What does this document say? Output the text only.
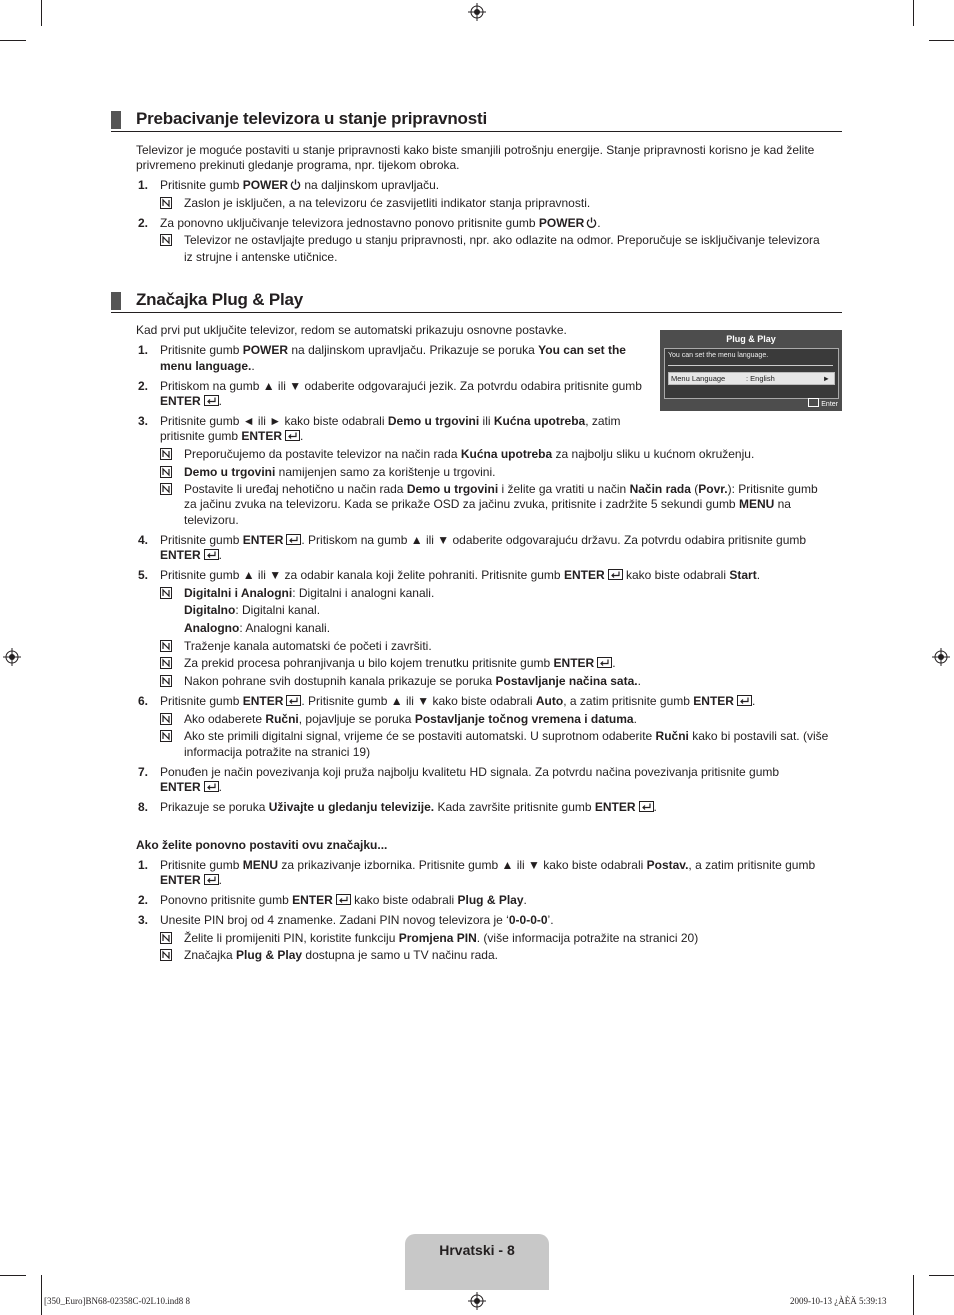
Prebacivanje televizora u stanje pripravnosti
Televizor je moguće postaviti u stanje pripravnosti kako biste smanjili potrošnju energije. Stanje pripravnosti korisno je kad želite
privremeno prekinuti gledanje programa, npr. tijekom obroka.
1. Pritisnite gumb POWER na daljinskom upravljaču.
Zaslon je isključen, a na televizoru će zasvijetliti indikator stanja pripravnosti.
2. Za ponovno uključivanje televizora jednostavno ponovo pritisnite gumb POWER .
Televizor ne ostavljajte predugo u stanju pripravnosti, npr. ako odlazite na odmor. Preporučuje se isključivanje televizora
iz strujne i antenske utičnice.
Značajka Plug & Play
Kad prvi put uključite televizor, redom se automatski prikazuju osnovne postavke.
Plug & Play
You can set the menu language.
Menu Language	: English	►
Enter
1. Pritisnite gumb POWER na daljinskom upravljaču. Prikazuje se poruka You can set the
menu language..
2. Pritiskom na gumb ▲ ili ▼ odaberite odgovarajući jezik. Za potvrdu odabira pritisnite gumb
ENTER .
3. Pritisnite gumb ◄ ili ► kako biste odabrali Demo u trgovini ili Kućna upotreba, zatim
pritisnite gumb ENTER .
Preporučujemo da postavite televizor na način rada Kućna upotreba za najbolju sliku u kućnom okruženju.
Demo u trgovini namijenjen samo za korištenje u trgovini.
Postavite li uređaj nehotično u način rada Demo u trgovini i želite ga vratiti u način Način rada (Povr.): Pritisnite gumb
za jačinu zvuka na televizoru. Kada se prikaže OSD za jačinu zvuka, pritisnite i zadržite 5 sekundi gumb MENU na
televizoru.
4. Pritisnite gumb ENTER . Pritiskom na gumb ▲ ili ▼ odaberite odgovarajuću državu. Za potvrdu odabira pritisnite gumb
ENTER .
5. Pritisnite gumb ▲ ili ▼ za odabir kanala koji želite pohraniti. Pritisnite gumb ENTER kako biste odabrali Start.
Digitalni i Analogni: Digitalni i analogni kanali.
Digitalno: Digitalni kanal.
Analogno: Analogni kanali.
Traženje kanala automatski će početi i završiti.
Za prekid procesa pohranjivanja u bilo kojem trenutku pritisnite gumb ENTER .
Nakon pohrane svih dostupnih kanala prikazuje se poruka Postavljanje načina sata..
6. Pritisnite gumb ENTER . Pritisnite gumb ▲ ili ▼ kako biste odabrali Auto, a zatim pritisnite gumb ENTER .
Ako odaberete Ručni, pojavljuje se poruka Postavljanje točnog vremena i datuma.
Ako ste primili digitalni signal, vrijeme će se postaviti automatski. U suprotnom odaberite Ručni kako bi postavili sat. (više
informacija potražite na stranici 19)
7. Ponuđen je način povezivanja koji pruža najbolju kvalitetu HD signala. Za potvrdu načina povezivanja pritisnite gumb
ENTER .
8. Prikazuje se poruka Uživajte u gledanju televizije. Kada završite pritisnite gumb ENTER .
Ako želite ponovno postaviti ovu značajku...
1. Pritisnite gumb MENU za prikazivanje izbornika. Pritisnite gumb ▲ ili ▼ kako biste odabrali Postav., a zatim pritisnite gumb
ENTER .
2. Ponovno pritisnite gumb ENTER kako biste odabrali Plug & Play.
3. Unesite PIN broj od 4 znamenke. Zadani PIN novog televizora je ‘0-0-0-0’.
Želite li promijeniti PIN, koristite funkciju Promjena PIN. (više informacija potražite na stranici 20)
Značajka Plug & Play dostupna je samo u TV načinu rada.
Hrvatski - 8
[350_Euro]BN68-02358C-02L10.ind8 8	2009-10-13 ¿ÀÈÄ 5:39:13
